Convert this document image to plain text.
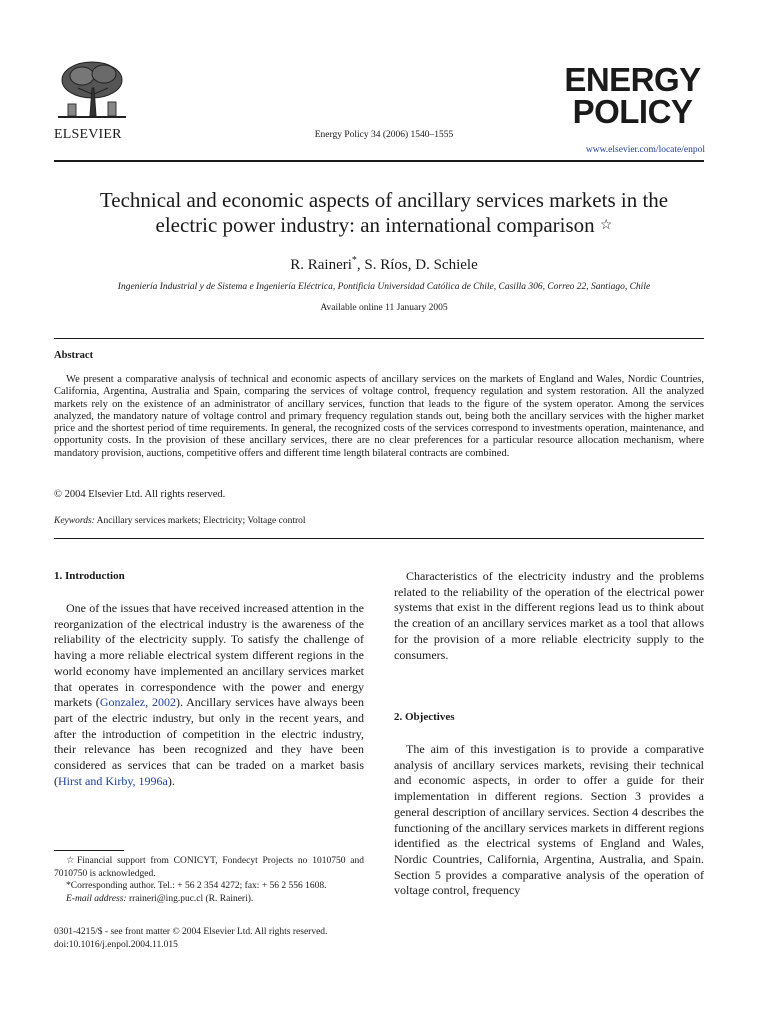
ELSEVIER	Energy Policy 34 (2006) 1540–1555
ENERGY
POLICY
www.elsevier.com/locate/enpol
Technical and economic aspects of ancillary services markets in the
electric power industry: an international comparison ☆
R. Raineri*, S. Ríos, D. Schiele
Ingeniería Industrial y de Sistema e Ingeniería Eléctrica, Pontificia Universidad Católica de Chile, Casilla 306, Correo 22, Santiago, Chile
Available online 11 January 2005
Abstract
We present a comparative analysis of technical and economic aspects of ancillary services on the markets of England and Wales, Nordic Countries, California, Argentina, Australia and Spain, comparing the services of voltage control, frequency regulation and system restoration. All the analyzed markets rely on the existence of an administrator of ancillary services, function that leads to the figure of the system operator. Among the services analyzed, the mandatory nature of voltage control and primary frequency regulation stands out, being both the ancillary services with the higher market price and the shortest period of time requirements. In general, the recognized costs of the services correspond to investments operation, maintenance, and opportunity costs. In the provision of these ancillary services, there are no clear preferences for a particular resource allocation mechanism, where mandatory provision, auctions, competitive offers and different time length bilateral contracts are combined.
© 2004 Elsevier Ltd. All rights reserved.
Keywords: Ancillary services markets; Electricity; Voltage control
1. Introduction
One of the issues that have received increased attention in the reorganization of the electrical industry is the awareness of the reliability of the electricity supply. To satisfy the challenge of having a more reliable electrical system different regions in the world economy have implemented an ancillary services market that operates in correspondence with the power and energy markets (Gonzalez, 2002). Ancillary services have always been part of the electric industry, but only in the recent years, and after the introduction of competition in the electric industry, their relevance has been recognized and they have been considered as services that can be traded on a market basis (Hirst and Kirby, 1996a).

☆Financial support from CONICYT, Fondecyt Projects no 1010750 and 7010750 is acknowledged.

*Corresponding author. Tel.: + 56 2 354 4272; fax: + 56 2 556 1608.

E-mail address: rraineri@ing.puc.cl (R. Raineri).

0301-4215/$ - see front matter © 2004 Elsevier Ltd. All rights reserved.
doi:10.1016/j.enpol.2004.11.015
Characteristics of the electricity industry and the problems related to the reliability of the operation of the electrical power systems that exist in the different regions lead us to think about the creation of an ancillary services market as a tool that allows for the provision of a more reliable electricity supply to the consumers.
2. Objectives
The aim of this investigation is to provide a comparative analysis of ancillary services markets, revising their technical and economic aspects, in order to offer a guide for their implementation in different regions. Section 3 provides a general description of ancillary services. Section 4 describes the functioning of the ancillary services markets in different regions identified as the electrical systems of England and Wales, Nordic Countries, California, Argentina, Australia, and Spain. Section 5 provides a comparative analysis of the operation of voltage control, frequency
